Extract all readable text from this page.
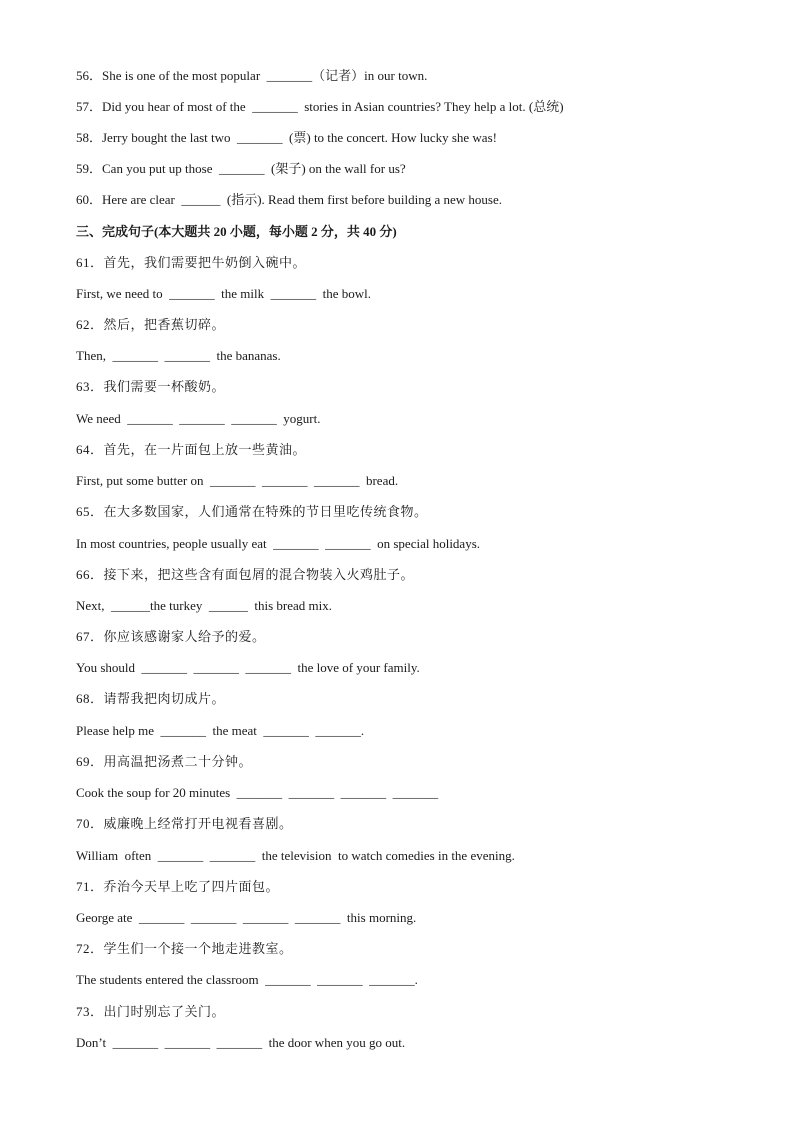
56．She is one of the most popular  _______（记者）in our town.
57．Did you hear of most of the  _______  stories in Asian countries? They help a lot. (总统)
58．Jerry bought the last two  _______  (票) to the concert. How lucky she was!
59．Can you put up those  _______  (架子) on the wall for us?
60．Here are clear  ______  (指示). Read them first before building a new house.
三、完成句子(本大题共 20 小题，每小题 2 分，共 40 分)
61．首先，我们需要把牛奶倒入碗中。
First, we need to  _______  the milk  _______  the bowl.
62．然后，把香蕉切碎。
Then,  _______  _______  the bananas.
63．我们需要一杯酸奶。
We need  _______  _______  _______  yogurt.
64．首先，在一片面包上放一些黄油。
First, put some butter on  _______  _______  _______  bread.
65．在大多数国家，人们通常在特殊的节日里吃传统食物。
In most countries, people usually eat  _______  _______  on special holidays.
66．接下来，把这些含有面包屑的混合物装入火鸡肚子。
Next,  ______the turkey  ______  this bread mix.
67．你应该感谢家人给予的爱。
You should  _______  _______  _______  the love of your family.
68．请帮我把肉切成片。
Please help me  _______  the meat  _______  _______.
69．用高温把汤煮二十分钟。
Cook the soup for 20 minutes  _______  _______  _______  _______
70．威廉晚上经常打开电视看喜剧。
William  often  _______  _______  the television  to watch comedies in the evening.
71．乔治今天早上吃了四片面包。
George ate  _______  _______  _______  _______  this morning.
72．学生们一个接一个地走进教室。
The students entered the classroom  _______  _______  _______.
73．出门时别忘了关门。
Don’t  _______  _______  _______  the door when you go out.
